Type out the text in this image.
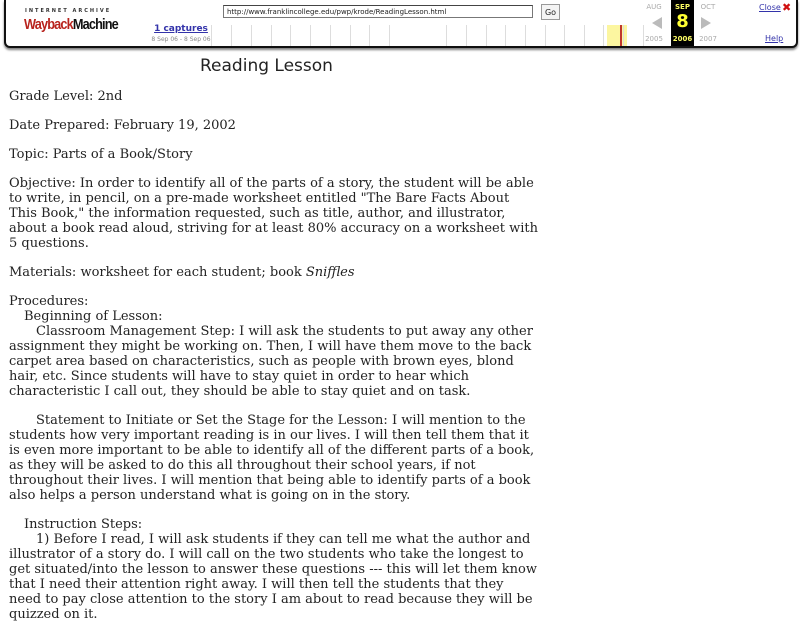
INTERNET ARCHIVE
WaybackMachine	1 captures
8 Sep 06 - 8 Sep 06
http://www.franklincollege.edu/pwp/krode/ReadingLesson.html	Go
AUG	OCT
2005	2007
SEP
8
2006
Close ✖
Help
Reading Lesson

Grade Level: 2nd

Date Prepared: February 19, 2002

Topic: Parts of a Book/Story

Objective: In order to identify all of the parts of a story, the student will be able to write, in pencil, on a pre-made worksheet entitled "The Bare Facts About This Book," the information requested, such as title, author, and illustrator, about a book read aloud, striving for at least 80% accuracy on a worksheet with 5 questions.

Materials: worksheet for each student; book Sniffles

Procedures:

Beginning of Lesson:

Classroom Management Step: I will ask the students to put away any other assignment they might be working on. Then, I will have them move to the back carpet area based on characteristics, such as people with brown eyes, blond hair, etc. Since students will have to stay quiet in order to hear which characteristic I call out, they should be able to stay quiet and on task.

Statement to Initiate or Set the Stage for the Lesson: I will mention to the students how very important reading is in our lives. I will then tell them that it is even more important to be able to identify all of the different parts of a book, as they will be asked to do this all throughout their school years, if not throughout their lives. I will mention that being able to identify parts of a book also helps a person understand what is going on in the story.

Instruction Steps:

1) Before I read, I will ask students if they can tell me what the author and illustrator of a story do. I will call on the two students who take the longest to get situated/into the lesson to answer these questions --- this will let them know that I need their attention right away. I will then tell the students that they need to pay close attention to the story I am about to read because they will be quizzed on it.
